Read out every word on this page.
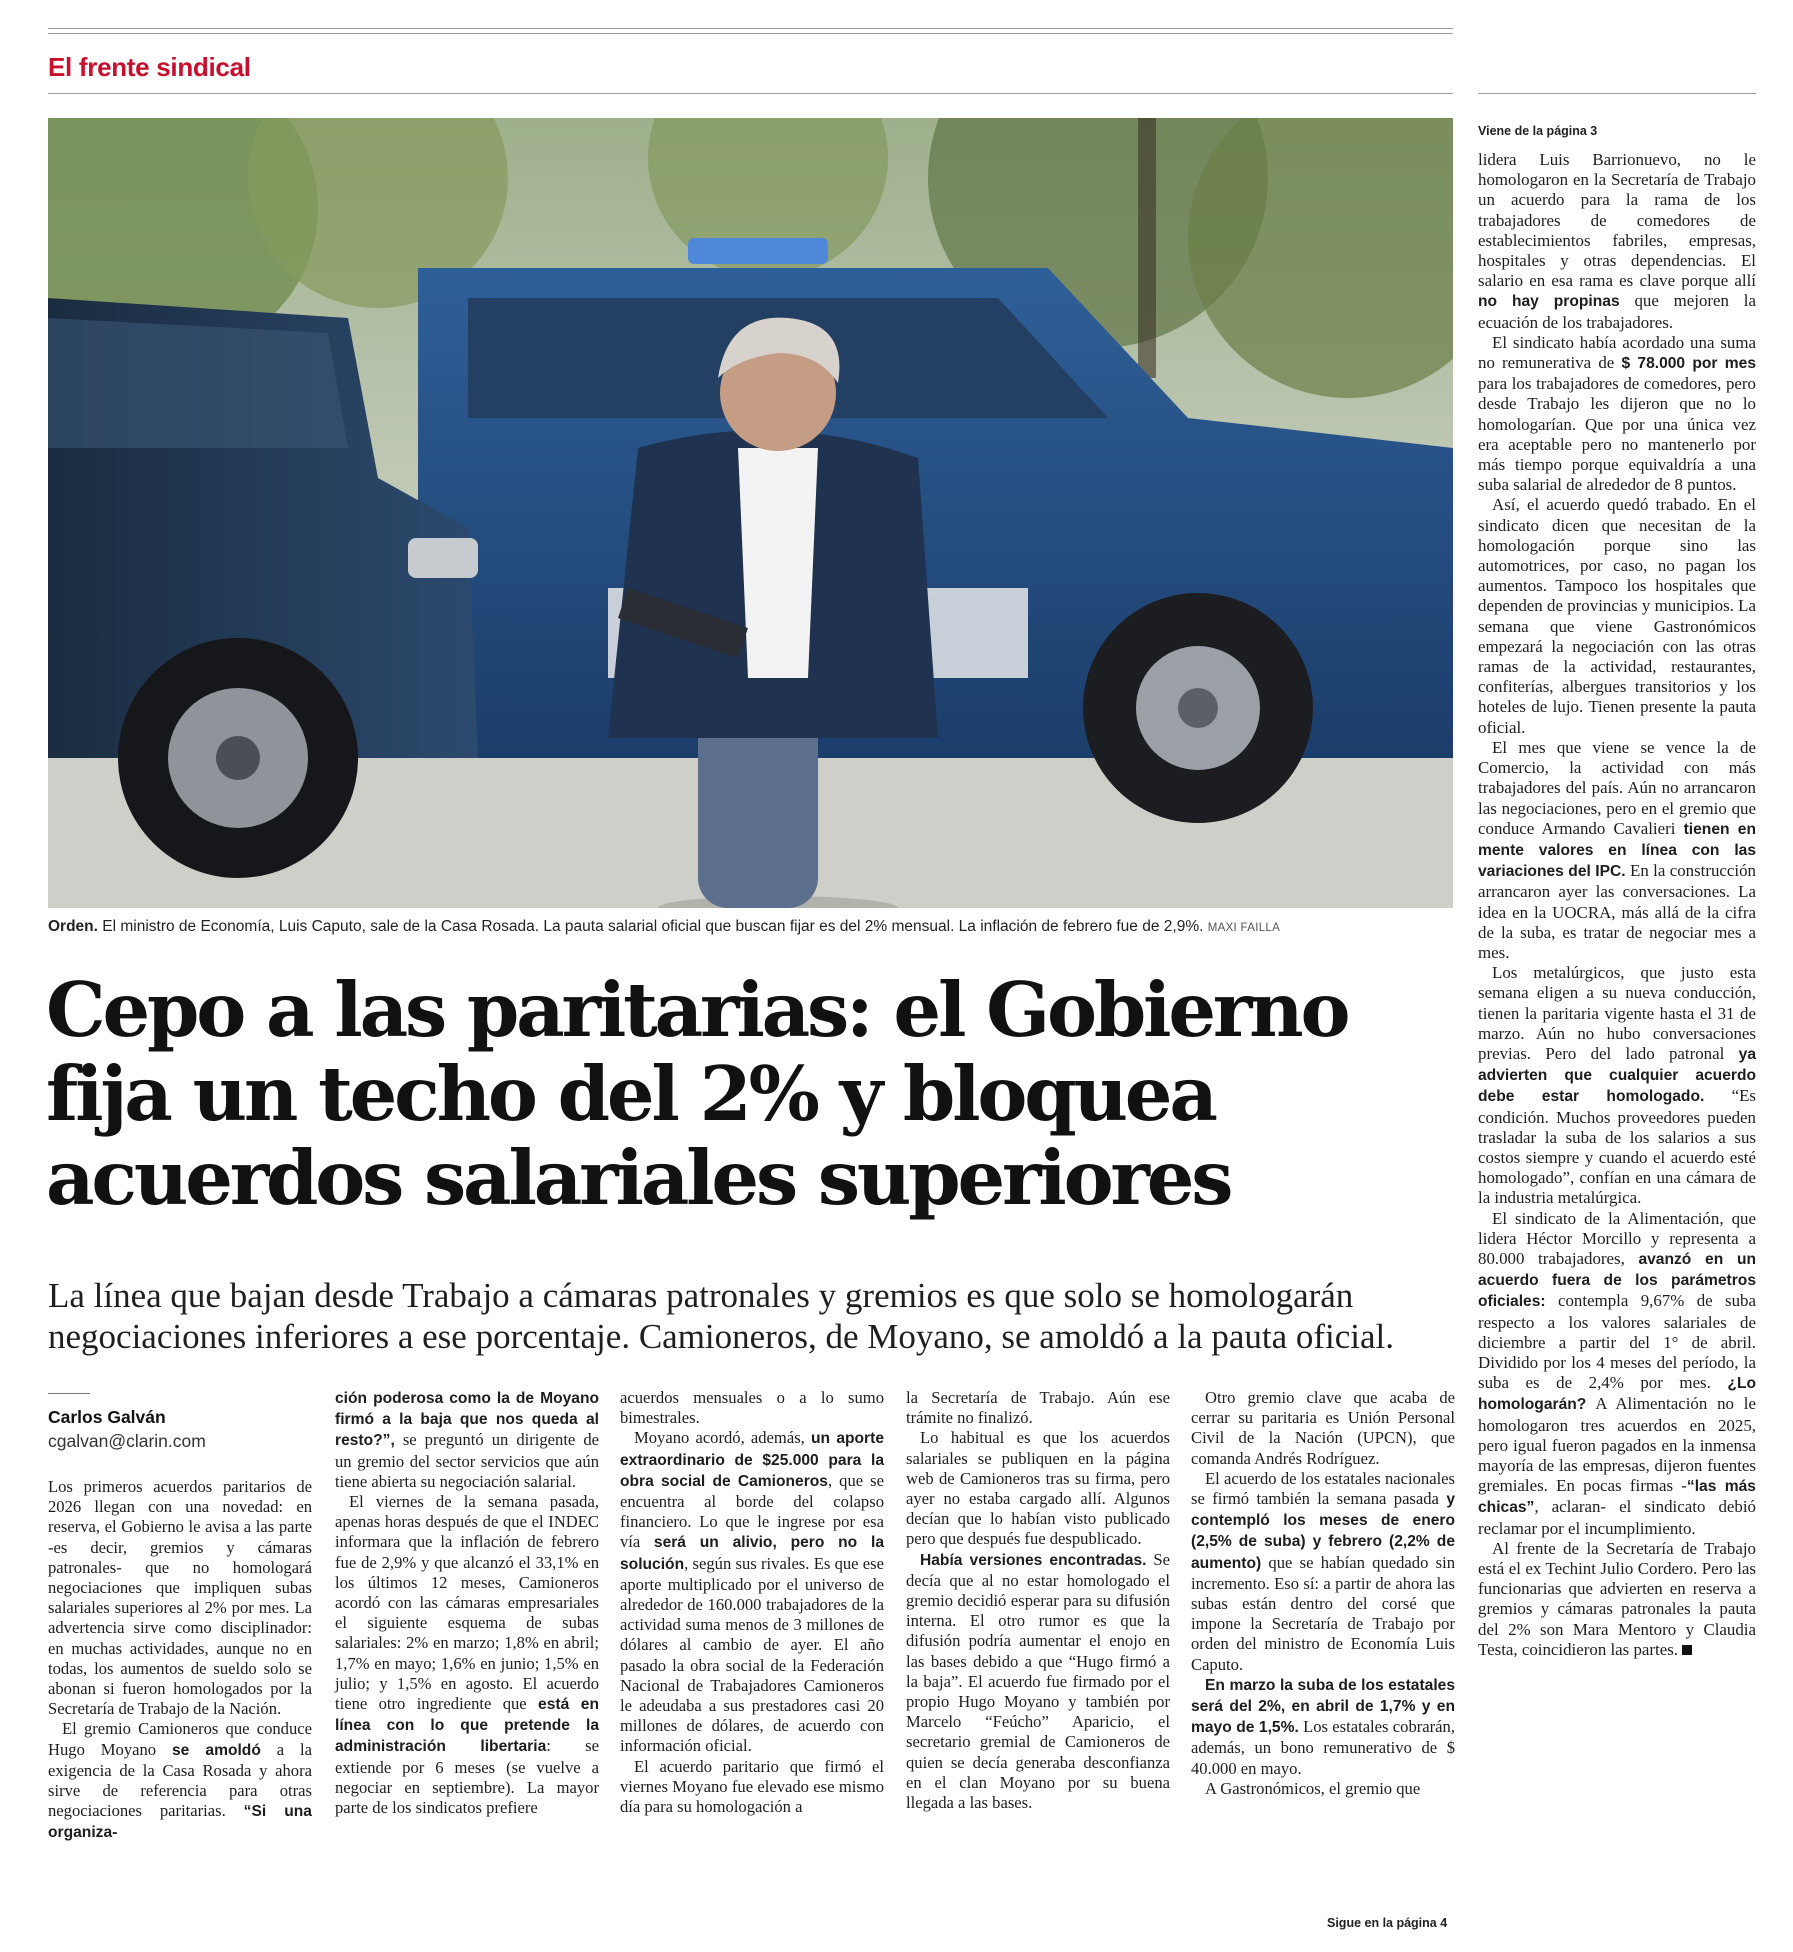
El frente sindical
Orden. El ministro de Economía, Luis Caputo, sale de la Casa Rosada. La pauta salarial oficial que buscan fijar es del 2% mensual. La inflación de febrero fue de 2,9%. MAXI FAILLA
Cepo a las paritarias: el Gobierno
fija un techo del 2% y bloquea
acuerdos salariales superiores

La línea que bajan desde Trabajo a cámaras patronales y gremios es que solo se homologarán negociaciones inferiores a ese porcentaje. Camioneros, de Moyano, se amoldó a la pauta oficial.

Carlos Galván
cgalvan@clarin.com

Los primeros acuerdos paritarios de 2026 llegan con una novedad: en reserva, el Gobierno le avisa a las parte -es decir, gremios y cámaras patronales- que no homologará negociaciones que impliquen subas salariales superiores al 2% por mes. La advertencia sirve como disciplinador: en muchas actividades, aunque no en todas, los aumentos de sueldo solo se abonan si fueron homologados por la Secretaría de Trabajo de la Nación.

El gremio Camioneros que conduce Hugo Moyano se amoldó a la exigencia de la Casa Rosada y ahora sirve de referencia para otras negociaciones paritarias. “Si una organiza-

ción poderosa como la de Moyano firmó a la baja que nos queda al resto?”, se preguntó un dirigente de un gremio del sector servicios que aún tiene abierta su negociación salarial.

El viernes de la semana pasada, apenas horas después de que el INDEC informara que la inflación de febrero fue de 2,9% y que alcanzó el 33,1% en los últimos 12 meses, Camioneros acordó con las cámaras empresariales el siguiente esquema de subas salariales: 2% en marzo; 1,8% en abril; 1,7% en mayo; 1,6% en junio; 1,5% en julio; y 1,5% en agosto. El acuerdo tiene otro ingrediente que está en línea con lo que pretende la administración libertaria: se extiende por 6 meses (se vuelve a negociar en septiembre). La mayor parte de los sindicatos prefiere

acuerdos mensuales o a lo sumo bimestrales.

Moyano acordó, además, un aporte extraordinario de $25.000 para la obra social de Camioneros, que se encuentra al borde del colapso financiero. Lo que le ingrese por esa vía será un alivio, pero no la solución, según sus rivales. Es que ese aporte multiplicado por el universo de alrededor de 160.000 trabajadores de la actividad suma menos de 3 millones de dólares al cambio de ayer. El año pasado la obra social de la Federación Nacional de Trabajadores Camioneros le adeudaba a sus prestadores casi 20 millones de dólares, de acuerdo con información oficial.

El acuerdo paritario que firmó el viernes Moyano fue elevado ese mismo día para su homologación a

la Secretaría de Trabajo. Aún ese trámite no finalizó.

Lo habitual es que los acuerdos salariales se publiquen en la página web de Camioneros tras su firma, pero ayer no estaba cargado allí. Algunos decían que lo habían visto publicado pero que después fue despublicado.

Había versiones encontradas. Se decía que al no estar homologado el gremio decidió esperar para su difusión interna. El otro rumor es que la difusión podría aumentar el enojo en las bases debido a que “Hugo firmó a la baja”. El acuerdo fue firmado por el propio Hugo Moyano y también por Marcelo “Feúcho” Aparicio, el secretario gremial de Camioneros de quien se decía generaba desconfianza en el clan Moyano por su buena llegada a las bases.

Otro gremio clave que acaba de cerrar su paritaria es Unión Personal Civil de la Nación (UPCN), que comanda Andrés Rodríguez.

El acuerdo de los estatales nacionales se firmó también la semana pasada y contempló los meses de enero (2,5% de suba) y febrero (2,2% de aumento) que se habían quedado sin incremento. Eso sí: a partir de ahora las subas están dentro del corsé que impone la Secretaría de Trabajo por orden del ministro de Economía Luis Caputo.

En marzo la suba de los estatales será del 2%, en abril de 1,7% y en mayo de 1,5%. Los estatales cobrarán, además, un bono remunerativo de $ 40.000 en mayo.

A Gastronómicos, el gremio que

Sigue en la página 4
Viene de la página 3

lidera Luis Barrionuevo, no le homologaron en la Secretaría de Trabajo un acuerdo para la rama de los trabajadores de comedores de establecimientos fabriles, empresas, hospitales y otras dependencias. El salario en esa rama es clave porque allí no hay propinas que mejoren la ecuación de los trabajadores.

El sindicato había acordado una suma no remunerativa de $ 78.000 por mes para los trabajadores de comedores, pero desde Trabajo les dijeron que no lo homologarían. Que por una única vez era aceptable pero no mantenerlo por más tiempo porque equivaldría a una suba salarial de alrededor de 8 puntos.

Así, el acuerdo quedó trabado. En el sindicato dicen que necesitan de la homologación porque sino las automotrices, por caso, no pagan los aumentos. Tampoco los hospitales que dependen de provincias y municipios. La semana que viene Gastronómicos empezará la negociación con las otras ramas de la actividad, restaurantes, confiterías, albergues transitorios y los hoteles de lujo. Tienen presente la pauta oficial.

El mes que viene se vence la de Comercio, la actividad con más trabajadores del país. Aún no arrancaron las negociaciones, pero en el gremio que conduce Armando Cavalieri tienen en mente valores en línea con las variaciones del IPC. En la construcción arrancaron ayer las conversaciones. La idea en la UOCRA, más allá de la cifra de la suba, es tratar de negociar mes a mes.

Los metalúrgicos, que justo esta semana eligen a su nueva conducción, tienen la paritaria vigente hasta el 31 de marzo. Aún no hubo conversaciones previas. Pero del lado patronal ya advierten que cualquier acuerdo debe estar homologado. “Es condición. Muchos proveedores pueden trasladar la suba de los salarios a sus costos siempre y cuando el acuerdo esté homologado”, confían en una cámara de la industria metalúrgica.

El sindicato de la Alimentación, que lidera Héctor Morcillo y representa a 80.000 trabajadores, avanzó en un acuerdo fuera de los parámetros oficiales: contempla 9,67% de suba respecto a los valores salariales de diciembre a partir del 1° de abril. Dividido por los 4 meses del período, la suba es de 2,4% por mes. ¿Lo homologarán? A Alimentación no le homologaron tres acuerdos en 2025, pero igual fueron pagados en la inmensa mayoría de las empresas, dijeron fuentes gremiales. En pocas firmas -“las más chicas”, aclaran- el sindicato debió reclamar por el incumplimiento.

Al frente de la Secretaría de Trabajo está el ex Techint Julio Cordero. Pero las funcionarias que advierten en reserva a gremios y cámaras patronales la pauta del 2% son Mara Mentoro y Claudia Testa, coincidieron las partes.
